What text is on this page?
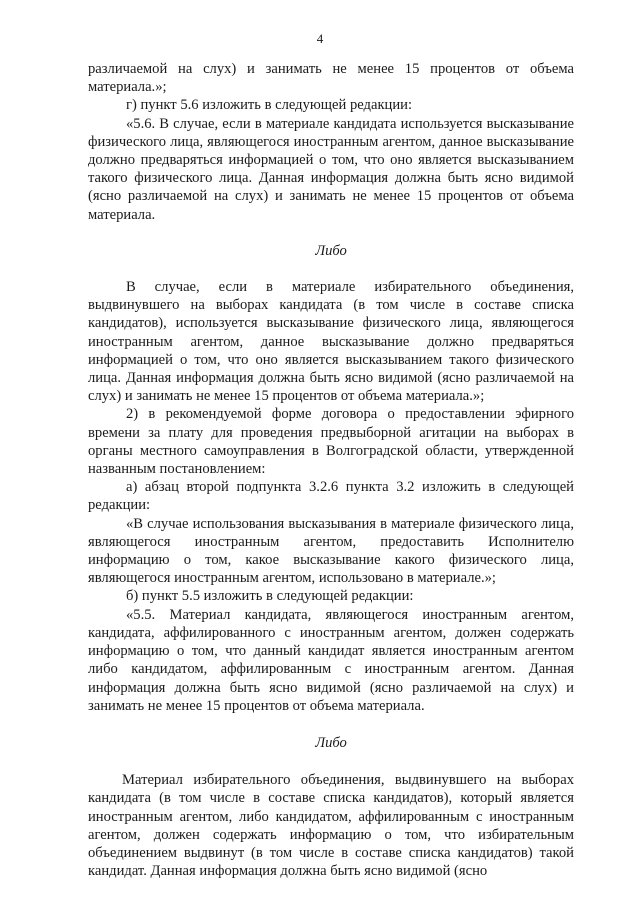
4

различаемой на слух) и занимать не менее 15 процентов от объема материала.»;

г) пункт 5.6 изложить в следующей редакции:

«5.6. В случае, если в материале кандидата используется высказывание физического лица, являющегося иностранным агентом, данное высказывание должно предваряться информацией о том, что оно является высказыванием такого физического лица. Данная информация должна быть ясно видимой (ясно различаемой на слух) и занимать не менее 15 процентов от объема материала.

Либо

В случае, если в материале избирательного объединения, выдвинувшего на выборах кандидата (в том числе в составе списка кандидатов), используется высказывание физического лица, являющегося иностранным агентом, данное высказывание должно предваряться информацией о том, что оно является высказыванием такого физического лица. Данная информация должна быть ясно видимой (ясно различаемой на слух) и занимать не менее 15 процентов от объема материала.»;

2) в рекомендуемой форме договора о предоставлении эфирного времени за плату для проведения предвыборной агитации на выборах в органы местного самоуправления в Волгоградской области, утвержденной названным постановлением:

а) абзац второй подпункта 3.2.6 пункта 3.2 изложить в следующей редакции:

«В случае использования высказывания в материале физического лица, являющегося иностранным агентом, предоставить Исполнителю информацию о том, какое высказывание какого физического лица, являющегося иностранным агентом, использовано в материале.»;

б) пункт 5.5 изложить в следующей редакции:

«5.5. Материал кандидата, являющегося иностранным агентом, кандидата, аффилированного с иностранным агентом, должен содержать информацию о том, что данный кандидат является иностранным агентом либо кандидатом, аффилированным с иностранным агентом. Данная информация должна быть ясно видимой (ясно различаемой на слух) и занимать не менее 15 процентов от объема материала.

Либо

Материал избирательного объединения, выдвинувшего на выборах кандидата (в том числе в составе списка кандидатов), который является иностранным агентом, либо кандидатом, аффилированным с иностранным агентом, должен содержать информацию о том, что избирательным объединением выдвинут (в том числе в составе списка кандидатов) такой кандидат. Данная информация должна быть ясно видимой (ясно
